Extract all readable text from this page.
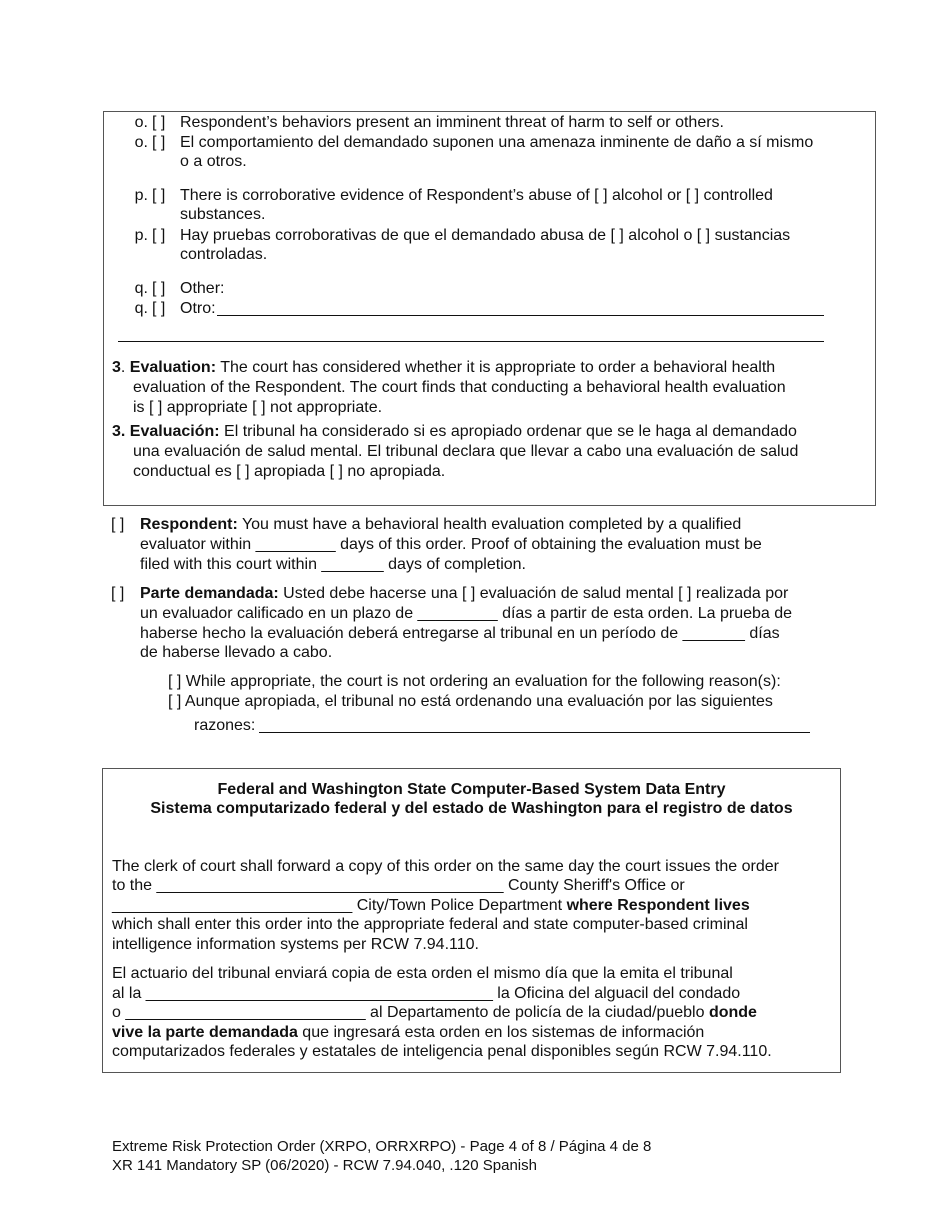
o. [ ] Respondent’s behaviors present an imminent threat of harm to self or others.
o. [ ] El comportamiento del demandado suponen una amenaza inminente de daño a sí mismo
o a otros.
p. [ ] There is corroborative evidence of Respondent’s abuse of [ ] alcohol or [ ] controlled
substances.
p. [ ] Hay pruebas corroborativas de que el demandado abusa de [ ] alcohol o [ ] sustancias
controladas.
q. [ ] Other:
q. [ ] Otro:
3. Evaluation: The court has considered whether it is appropriate to order a behavioral health
evaluation of the Respondent. The court finds that conducting a behavioral health evaluation
is [ ] appropriate [ ] not appropriate.
3. Evaluación: El tribunal ha considerado si es apropiado ordenar que se le haga al demandado
una evaluación de salud mental. El tribunal declara que llevar a cabo una evaluación de salud
conductual es [ ] apropiada [ ] no apropiada.
[ ] Respondent: You must have a behavioral health evaluation completed by a qualified
evaluator within _________ days of this order. Proof of obtaining the evaluation must be
filed with this court within _______ days of completion.
[ ] Parte demandada: Usted debe hacerse una [ ] evaluación de salud mental [ ] realizada por
un evaluador calificado en un plazo de _________ días a partir de esta orden. La prueba de
haberse hecho la evaluación deberá entregarse al tribunal en un período de _______ días
de haberse llevado a cabo.
[ ] While appropriate, the court is not ordering an evaluation for the following reason(s):
[ ] Aunque apropiada, el tribunal no está ordenando una evaluación por las siguientes
razones:
Federal and Washington State Computer-Based System Data Entry
Sistema computarizado federal y del estado de Washington para el registro de datos
The clerk of court shall forward a copy of this order on the same day the court issues the order
to the _______________________________________ County Sheriff's Office or
___________________________ City/Town Police Department where Respondent lives
which shall enter this order into the appropriate federal and state computer-based criminal
intelligence information systems per RCW 7.94.110.
El actuario del tribunal enviará copia de esta orden el mismo día que la emita el tribunal
al la _______________________________________ la Oficina del alguacil del condado
o ___________________________ al Departamento de policía de la ciudad/pueblo donde
vive la parte demandada que ingresará esta orden en los sistemas de información
computarizados federales y estatales de inteligencia penal disponibles según RCW 7.94.110.
Extreme Risk Protection Order (XRPO, ORRXRPO) - Page 4 of 8 / Página 4 de 8
XR 141 Mandatory SP (06/2020) - RCW 7.94.040, .120 Spanish
